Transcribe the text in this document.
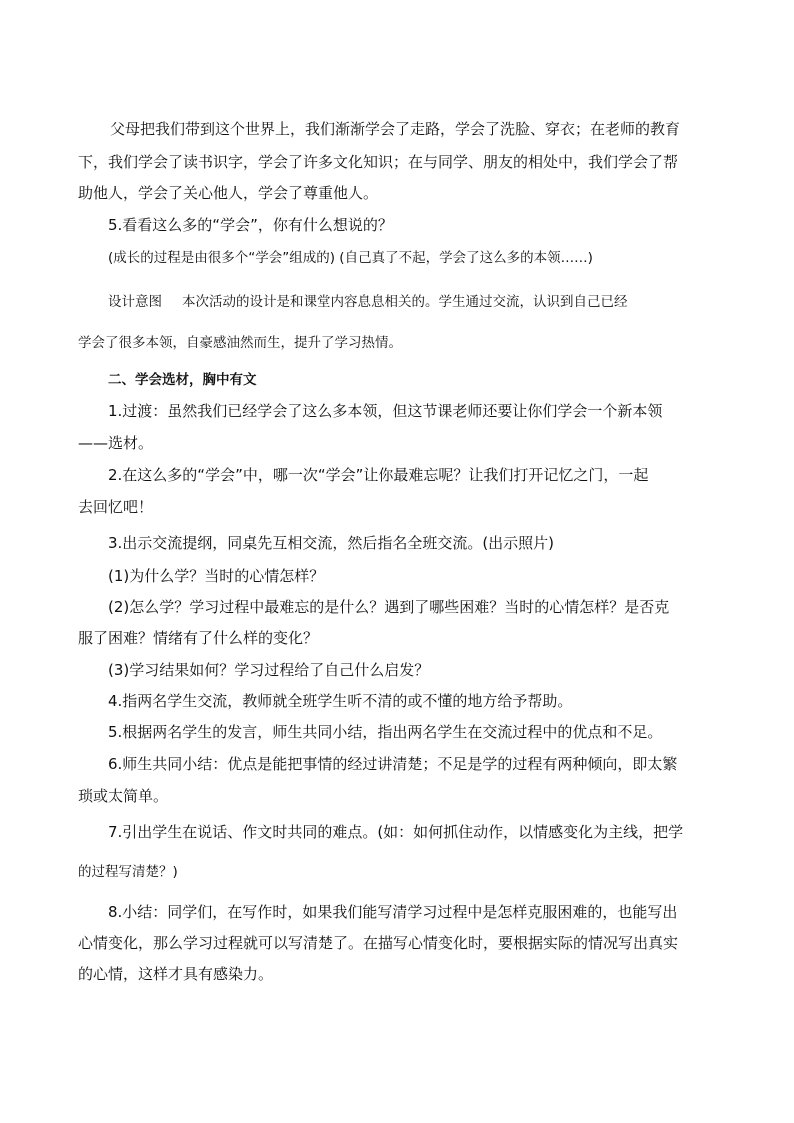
父母把我们带到这个世界上，我们渐渐学会了走路，学会了洗脸、穿衣；在老师的教育
下，我们学会了读书识字，学会了许多文化知识；在与同学、朋友的相处中，我们学会了帮
助他人，学会了关心他人，学会了尊重他人。
5.看看这么多的“学会”，你有什么想说的？
(成长的过程是由很多个“学会”组成的) (自己真了不起，学会了这么多的本领……)
设计意图 本次活动的设计是和课堂内容息息相关的。学生通过交流，认识到自己已经
学会了很多本领，自豪感油然而生，提升了学习热情。
二、学会选材，胸中有文
1.过渡：虽然我们已经学会了这么多本领，但这节课老师还要让你们学会一个新本领
——选材。
2.在这么多的“学会”中，哪一次“学会”让你最难忘呢？让我们打开记忆之门，一起
去回忆吧！
3.出示交流提纲，同桌先互相交流，然后指名全班交流。(出示照片)
(1)为什么学？当时的心情怎样？
(2)怎么学？学习过程中最难忘的是什么？遇到了哪些困难？当时的心情怎样？是否克
服了困难？情绪有了什么样的变化？
(3)学习结果如何？学习过程给了自己什么启发？
4.指两名学生交流，教师就全班学生听不清的或不懂的地方给予帮助。
5.根据两名学生的发言，师生共同小结，指出两名学生在交流过程中的优点和不足。
6.师生共同小结：优点是能把事情的经过讲清楚；不足是学的过程有两种倾向，即太繁
琐或太简单。
7.引出学生在说话、作文时共同的难点。(如：如何抓住动作，以情感变化为主线，把学
的过程写清楚？)
8.小结：同学们，在写作时，如果我们能写清学习过程中是怎样克服困难的，也能写出
心情变化，那么学习过程就可以写清楚了。在描写心情变化时，要根据实际的情况写出真实
的心情，这样才具有感染力。
